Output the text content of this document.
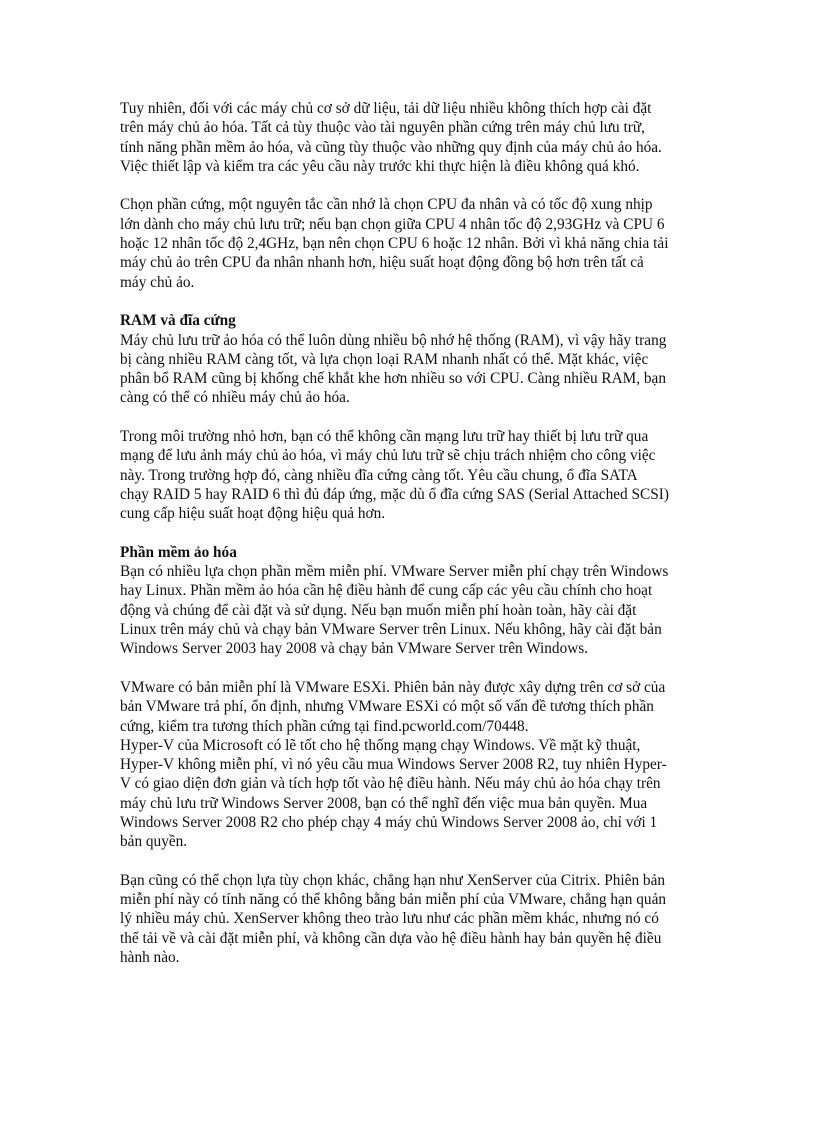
Tuy nhiên, đối với các máy chủ cơ sở dữ liệu, tải dữ liệu nhiều không thích hợp cài đặt
trên máy chủ ảo hóa. Tất cả tùy thuộc vào tài nguyên phần cứng trên máy chủ lưu trữ,
tính năng phần mềm ảo hóa, và cũng tùy thuộc vào những quy định của máy chủ ảo hóa.
Việc thiết lập và kiểm tra các yêu cầu này trước khi thực hiện là điều không quá khó.
Chọn phần cứng, một nguyên tắc cần nhớ là chọn CPU đa nhân và có tốc độ xung nhịp
lớn dành cho máy chủ lưu trữ; nếu bạn chọn giữa CPU 4 nhân tốc độ 2,93GHz và CPU 6
hoặc 12 nhân tốc độ 2,4GHz, bạn nên chọn CPU 6 hoặc 12 nhân. Bởi vì khả năng chia tải
máy chủ ảo trên CPU đa nhân nhanh hơn, hiệu suất hoạt động đồng bộ hơn trên tất cả
máy chủ ảo.
RAM và đĩa cứng
Máy chủ lưu trữ ảo hóa có thể luôn dùng nhiều bộ nhớ hệ thống (RAM), vì vậy hãy trang
bị càng nhiều RAM càng tốt, và lựa chọn loại RAM nhanh nhất có thể. Mặt khác, việc
phân bổ RAM cũng bị khống chế khắt khe hơn nhiều so với CPU. Càng nhiều RAM, bạn
càng có thể có nhiều máy chủ ảo hóa.
Trong môi trường nhỏ hơn, bạn có thể không cần mạng lưu trữ hay thiết bị lưu trữ qua
mạng để lưu ảnh máy chủ ảo hóa, vì máy chủ lưu trữ sẽ chịu trách nhiệm cho công việc
này. Trong trường hợp đó, càng nhiều đĩa cứng càng tốt. Yêu cầu chung, ổ đĩa SATA
chạy RAID 5 hay RAID 6 thì đủ đáp ứng, mặc dù ổ đĩa cứng SAS (Serial Attached SCSI)
cung cấp hiệu suất hoạt động hiệu quả hơn.
Phần mềm ảo hóa
Bạn có nhiều lựa chọn phần mềm miễn phí. VMware Server miễn phí chạy trên Windows
hay Linux. Phần mềm ảo hóa cần hệ điều hành để cung cấp các yêu cầu chính cho hoạt
động và chúng để cài đặt và sử dụng. Nếu bạn muốn miễn phí hoàn toàn, hãy cài đặt
Linux trên máy chủ và chạy bản VMware Server trên Linux. Nếu không, hãy cài đặt bản
Windows Server 2003 hay 2008 và chạy bản VMware Server trên Windows.
VMware có bản miễn phí là VMware ESXi. Phiên bản này được xây dựng trên cơ sở của
bản VMware trả phí, ổn định, nhưng VMware ESXi có một số vấn đề tương thích phần
cứng, kiểm tra tương thích phần cứng tại find.pcworld.com/70448.
Hyper-V của Microsoft có lẽ tốt cho hệ thống mạng chạy Windows. Về mặt kỹ thuật,
Hyper-V không miễn phí, vì nó yêu cầu mua Windows Server 2008 R2, tuy nhiên Hyper-
V có giao diện đơn giản và tích hợp tốt vào hệ điều hành. Nếu máy chủ ảo hóa chạy trên
máy chủ lưu trữ Windows Server 2008, bạn có thể nghĩ đến việc mua bản quyền. Mua
Windows Server 2008 R2 cho phép chạy 4 máy chủ Windows Server 2008 ảo, chỉ với 1
bản quyền.
Bạn cũng có thể chọn lựa tùy chọn khác, chẳng hạn như XenServer của Citrix. Phiên bản
miễn phí này có tính năng có thể không bằng bản miễn phí của VMware, chẳng hạn quản
lý nhiều máy chủ. XenServer không theo trào lưu như các phần mềm khác, nhưng nó có
thể tải về và cài đặt miễn phí, và không cần dựa vào hệ điều hành hay bản quyền hệ điều
hành nào.
